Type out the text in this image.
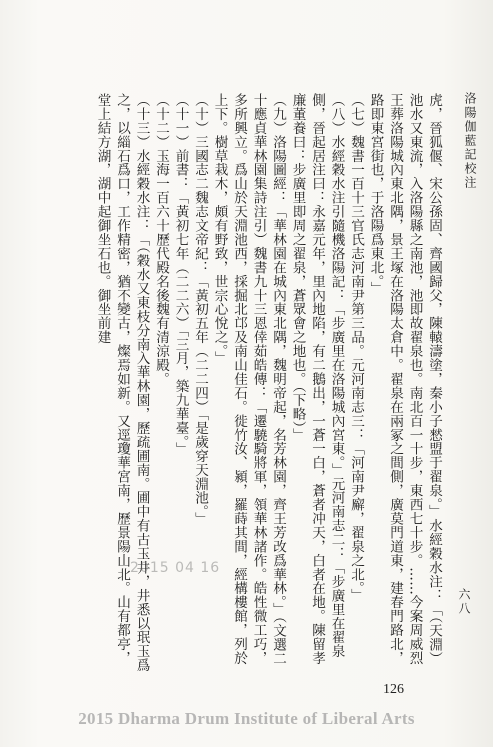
洛陽伽藍記校注
六八

虎，晉狐偃、宋公孫固、齊國歸父，陳轅濤塗，秦小子憖盟于翟泉。」水經穀水注：「（天淵）池水又東流，入洛陽縣之南池，池即故翟泉也。南北百一十步，東西七十步。……今案周威烈王葬洛陽城內東北隅，景王塚在洛陽太倉中。翟泉在兩冢之間側，廣莫門道東，建春門路北，路即東宮街也，于洛陽爲東北。」

（七）魏書一百十三官氏志河南尹第三品。元河南志三：「河南尹廨，翟泉之北。」

（八）水經穀水注引隨機洛陽記：「步廣里在洛陽城內宮東。」元河南志二：「步廣里在翟泉側，晉起居注曰：永嘉元年，里內地陷，有二鵝出，一蒼一白，蒼者冲天，白者在地。陳留孝廉董養曰：步廣里即周之翟泉，蒼眾會之地也。（下略）」

（九）洛陽圖經：「華林園在城內東北隅，魏明帝起，名芳林園，齊王芳改爲華林。」（文選二十應貞華林園集詩注引）魏書九十三恩倖茹皓傳：「遷驍騎將軍，領華林諸作。皓性微工巧，多所興立。爲山於天淵池西，採掘北邙及南山佳石。徙竹汝、潁，羅蒔其間，經構樓館，列於上下。樹草栽木，頗有野致，世宗心悅之。」

（十）三國志二魏志文帝紀：「黃初五年（二二四）「是歲穿天淵池。」

（十一）前書：「黃初七年（二二六）「三月，築九華臺。」

（十二）玉海一百六十歷代殿名後魏有清涼殿。

（十三）水經穀水注：「（穀水又東枝分南入華林園，歷疏圃南。圃中有古玉井，井悉以珉玉爲之，以緇石爲口，工作精密，猶不變古，燦焉如新。又逕瓊華宮南，歷景陽山北。山有都亭，堂上結方湖，湖中起御坐石也。御坐前建

2015 04 16
126
2015 Dharma Drum Institute of Liberal Arts
